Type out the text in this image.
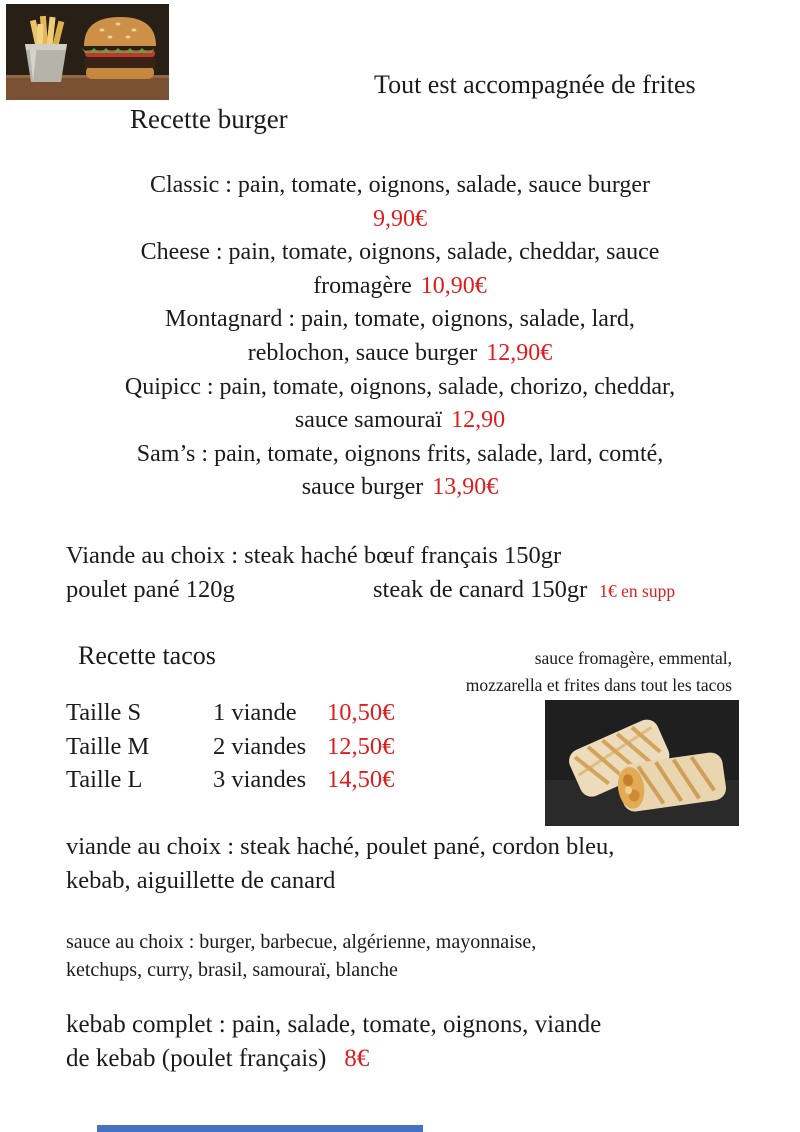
Tout est accompagnée de frites
Recette burger
Classic : pain, tomate, oignons, salade, sauce burger
9,90€
Cheese : pain, tomate, oignons, salade, cheddar, sauce
fromagère 10,90€
Montagnard : pain, tomate, oignons, salade, lard,
reblochon, sauce burger 12,90€
Quipicc : pain, tomate, oignons, salade, chorizo, cheddar,
sauce samouraï 12,90
Sam’s : pain, tomate, oignons frits, salade, lard, comté,
sauce burger 13,90€
Viande au choix : steak haché bœuf français 150gr
poulet pané 120g	steak de canard 150gr 1€ en supp
Recette tacos	sauce fromagère, emmental,
mozzarella et frites dans tout les tacos
Taille S	1 viande	10,50€
Taille M	2 viandes 12,50€
Taille L	3 viandes 14,50€
viande au choix : steak haché, poulet pané, cordon bleu,
kebab, aiguillette de canard
sauce au choix : burger, barbecue, algérienne, mayonnaise,
ketchups, curry, brasil, samouraï, blanche
kebab complet : pain, salade, tomate, oignons, viande
de kebab (poulet français) 8€
